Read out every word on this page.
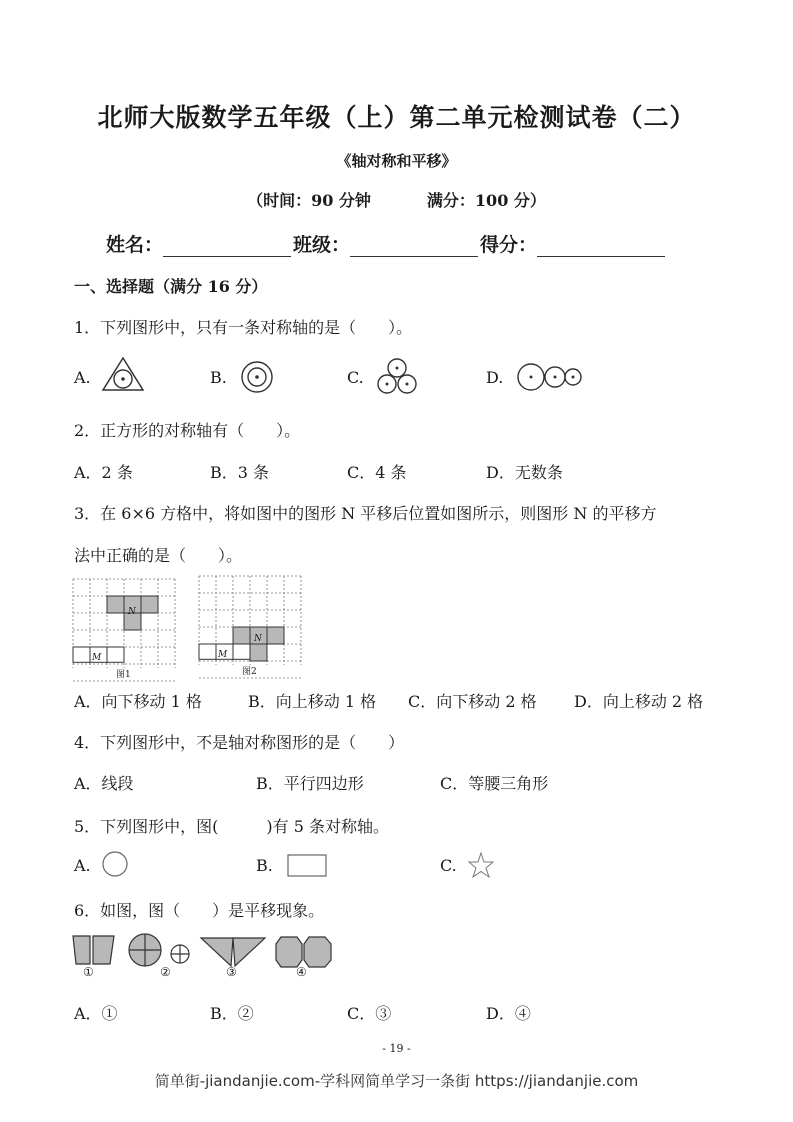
北师大版数学五年级（上）第二单元检测试卷（二）
《轴对称和平移》
（时间：90 分钟	满分：100 分）
姓名：	班级：	得分：
一、选择题（满分 16 分）
1．下列图形中，只有一条对称轴的是（　　）。
A.	B.	C.	D.
2．正方形的对称轴有（　　）。
A．2 条	B．3 条	C．4 条	D．无数条
3．在 6×6 方格中，将如图中的图形 N 平移后位置如图所示，则图形 N 的平移方
法中正确的是（　　）。
N
M
图1
N
M
图2
A．向下移动 1 格	B．向上移动 1 格 C．向下移动 2 格 D．向上移动 2 格
4．下列图形中，不是轴对称图形的是（　　）
A．线段	B．平行四边形	C．等腰三角形
5．下列图形中，图(　　　)有 5 条对称轴。
A.	B.	C.
6．如图，图（　　）是平移现象。
①	②	③	④
A．①	B．②	C．③	D．④
- 19 -
简单街-jiandanjie.com-学科网简单学习一条街 https://jiandanjie.com
